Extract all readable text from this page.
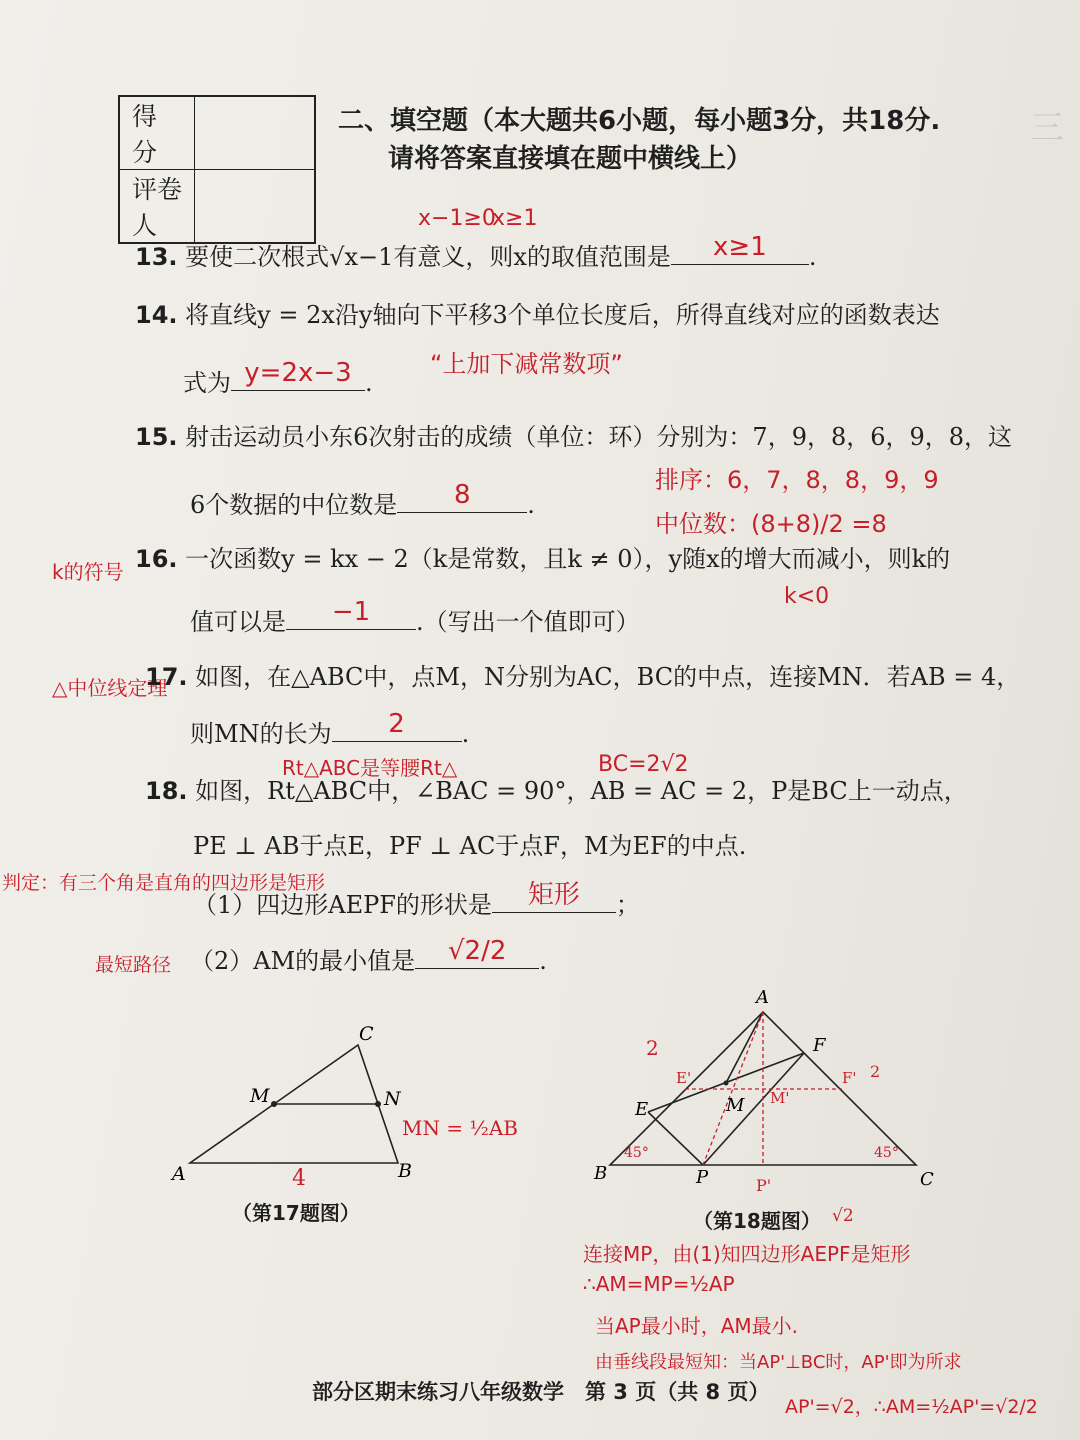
三
得 分	
评卷人	
二、填空题（本大题共6小题，每小题3分，共18分.
请将答案直接填在题中横线上）
x−1≥0
x≥1
13. 要使二次根式√x−1有意义，则x的取值范围是	x≥1	.
14. 将直线y = 2x沿y轴向下平移3个单位长度后，所得直线对应的函数表达
式为 y=2x−3 .
“上加下减常数项”
15. 射击运动员小东6次射击的成绩（单位：环）分别为：7，9，8，6，9，8，这
6个数据的中位数是	8	.
排序：6，7，8，8，9，9
中位数：(8+8)/2 =8
k的符号 16. 一次函数y = kx − 2（k是常数，且k ≠ 0），y随x的增大而减小，则k的
k<0
值可以是	−1	.（写出一个值即可）
△中位线定理
17. 如图，在△ABC中，点M，N分别为AC，BC的中点，连接MN．若AB = 4，
则MN的长为	2	.
Rt△ABC是等腰Rt△	BC=2√2
18. 如图，Rt△ABC中，∠BAC = 90°，AB = AC = 2，P是BC上一动点，
PE ⊥ AB于点E，PF ⊥ AC于点F，M为EF的中点.
判定：有三个角是直角的四边形是矩形
（1）四边形AEPF的形状是	矩形	；
最短路径 （2）AM的最小值是	√2/2	.
A	B
C
M	N
4
MN = ½AB
（第17题图）
B	C
A
E
F
P
M
2
2
45°	45°
E'	F'
M'
P'
√2
（第18题图）
连接MP，由(1)知四边形AEPF是矩形
∴AM=MP=½AP
当AP最小时，AM最小.
由垂线段最短知：当AP'⊥BC时，AP'即为所求
AP'=√2，∴AM=½AP'=√2/2
部分区期末练习八年级数学　第 3 页（共 8 页）
